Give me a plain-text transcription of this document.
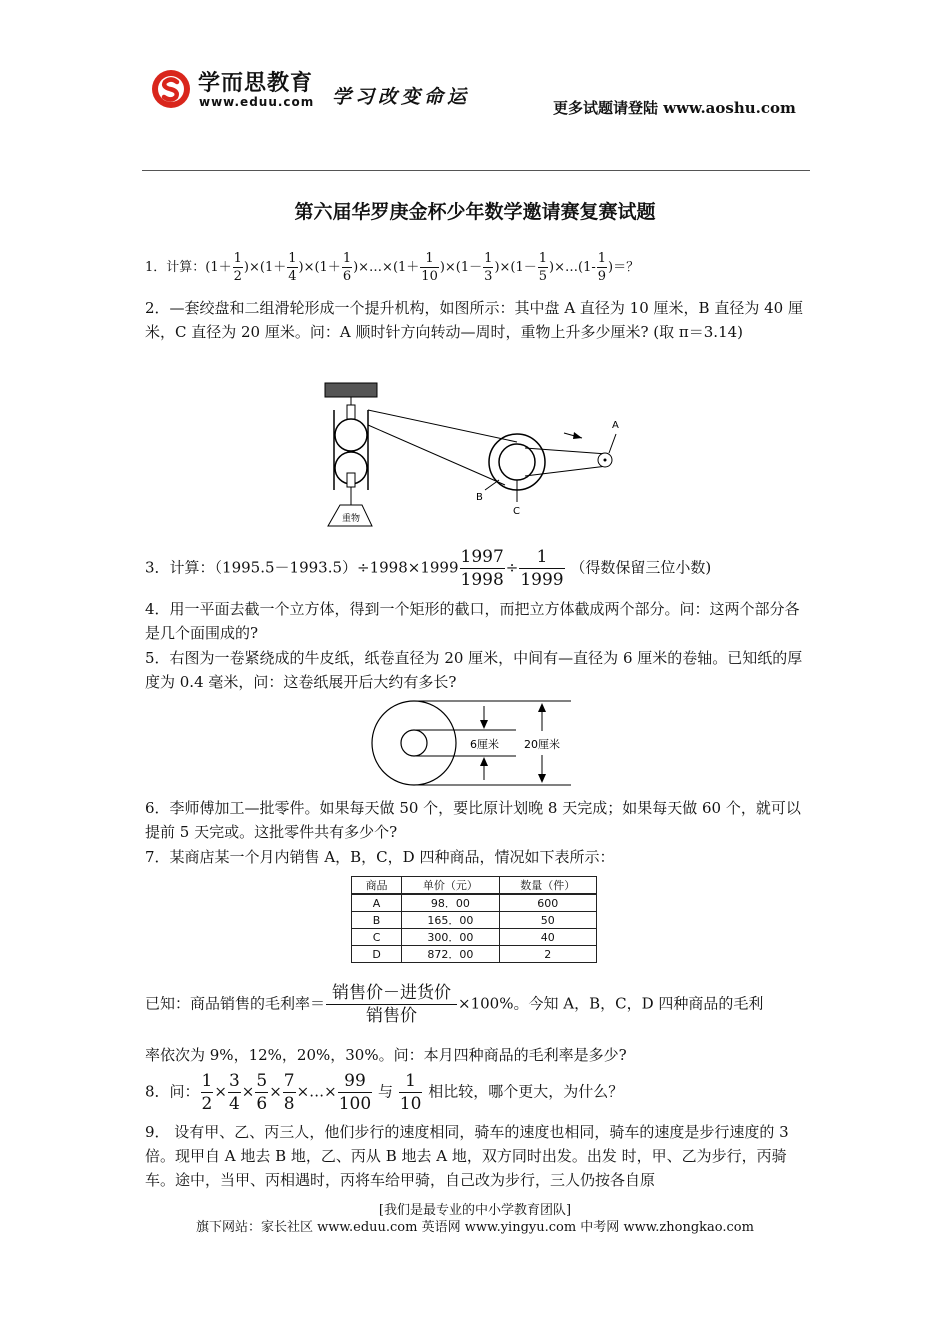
学而思教育
www.eduu.com 学习改变命运	更多试题请登陆 www.aoshu.com
第六届华罗庚金杯少年数学邀请赛复赛试题
1．计算：$(1+ \frac{1}{2} )\times(1+ \frac{1}{4} )\times(1+ \frac{1}{6}$ )×…×(1＋ $\frac{1}{10} )\times(1- \frac{1}{3} )\times(1- \frac{1}{5}$ )×…(1- $\frac{1}{9}$ )＝？
2．—套绞盘和二组滑轮形成一个提升机构，如图所示：其中盘 A 直径为 10 厘米，B 直径为 40 厘米，C 直径为 20 厘米。问：A 顺时针方向转动—周时，重物上升多少厘米? (取 π＝3.14)
重物
A
B
C
3．计算：$(1995.5-1993.5)\div 1998\times 1999 \frac{1997}{1998} \div \frac{1}{1999}$ （得数保留三位小数)
4．用一平面去截一个立方体，得到一个矩形的截口，而把立方体截成两个部分。问：这两个部分各是几个面围成的?
5．右图为一卷紧绕成的牛皮纸，纸卷直径为 20 厘米，中间有—直径为 6 厘米的卷轴。已知纸的厚度为 0.4 毫米，问：这卷纸展开后大约有多长?
6厘米 20厘米
6．李师傅加工—批零件。如果每天做 50 个，要比原计划晚 8 天完成；如果每天做 60 个，就可以提前 5 天完或。这批零件共有多少个?
7．某商店某一个月内销售 A，B，C，D 四种商品，情况如下表所示：
商品	单价（元）	数量（件）
A	98．00	600
B	165．00	50
C	300．00	40
D	872．00	2
已知：商品销售的毛利率＝ $\frac{\text{销售价－进货价}}{\text{销售价}} \times 100\%$。今知 A，B，C，D 四种商品的毛利
率依次为 9%，12%，20%，30%。问：本月四种商品的毛利率是多少?
8．问： $\frac{1}{2} \times \frac{3}{4} \times \frac{5}{6} \times \frac{7}{8}$ ×…× $\frac{99}{100}$ 与 $\frac{1}{10}$ 相比较，哪个更大，为什么？
9． 设有甲、乙、丙三人，他们步行的速度相同，骑车的速度也相同，骑车的速度是步行速度的 3 倍。现甲自 A 地去 B 地，乙、丙从 B 地去 A 地，双方同时出发。出发 时，甲、乙为步行，丙骑车。途中，当甲、丙相遇时，丙将车给甲骑，自己改为步行，三人仍按各自原
[我们是最专业的中小学教育团队]
旗下网站：家长社区 www.eduu.com 英语网 www.yingyu.com 中考网 www.zhongkao.com
